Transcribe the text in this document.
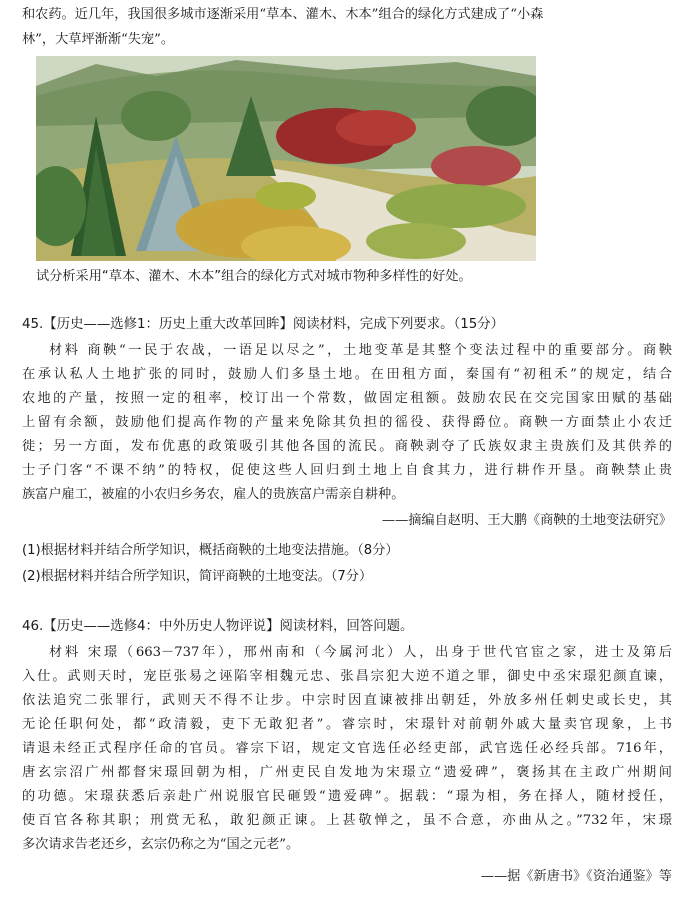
和农药。近几年，我国很多城市逐渐采用“草本、灌木、木本”组合的绿化方式建成了“小森
林”，大草坪渐渐“失宠”。
试分析采用“草本、灌木、木本”组合的绿化方式对城市物种多样性的好处。
45.【历史——选修1：历史上重大改革回眸】阅读材料，完成下列要求。（15分）
材料 商鞅“一民于农战，一语足以尽之”，土地变革是其整个变法过程中的重要部分。商鞅
在承认私人土地扩张的同时，鼓励人们多垦土地。在田租方面，秦国有“初租禾”的规定，结合
农地的产量，按照一定的租率，校订出一个常数，做固定租额。鼓励农民在交完国家田赋的基础
上留有余额，鼓励他们提高作物的产量来免除其负担的徭役、获得爵位。商鞅一方面禁止小农迁
徙；另一方面，发布优惠的政策吸引其他各国的流民。商鞅剥夺了氏族奴隶主贵族们及其供养的
士子门客“不课不纳”的特权，促使这些人回归到土地上自食其力，进行耕作开垦。商鞅禁止贵
族富户雇工，被雇的小农归乡务农，雇人的贵族富户需亲自耕种。
——摘编自赵明、王大鹏《商鞅的土地变法研究》
(1)根据材料并结合所学知识，概括商鞅的土地变法措施。（8分）
(2)根据材料并结合所学知识，简评商鞅的土地变法。（7分）
46.【历史——选修4：中外历史人物评说】阅读材料，回答问题。
材料 宋璟（663－737年），邢州南和（今属河北）人，出身于世代官宦之家，进士及第后
入仕。武则天时，宠臣张易之诬陷宰相魏元忠、张昌宗犯大逆不道之罪，御史中丞宋璟犯颜直谏，
依法追究二张罪行，武则天不得不让步。中宗时因直谏被排出朝廷，外放多州任刺史或长史，其
无论任职何处，都“政清毅，吏下无敢犯者”。睿宗时，宋璟针对前朝外戚大量卖官现象，上书
请退未经正式程序任命的官员。睿宗下诏，规定文官选任必经吏部，武官选任必经兵部。716年，
唐玄宗沼广州都督宋璟回朝为相，广州吏民自发地为宋璟立“遗爱碑”，褒扬其在主政广州期间
的功德。宋璟获悉后亲赴广州说服官民砸毁“遗爱碑”。据载：“璟为相，务在择人，随材授任，
使百官各称其职；刑赏无私，敢犯颜正谏。上甚敬惮之，虽不合意，亦曲从之。”732年，宋璟
多次请求告老还乡，玄宗仍称之为“国之元老”。
——据《新唐书》《资治通鉴》等
